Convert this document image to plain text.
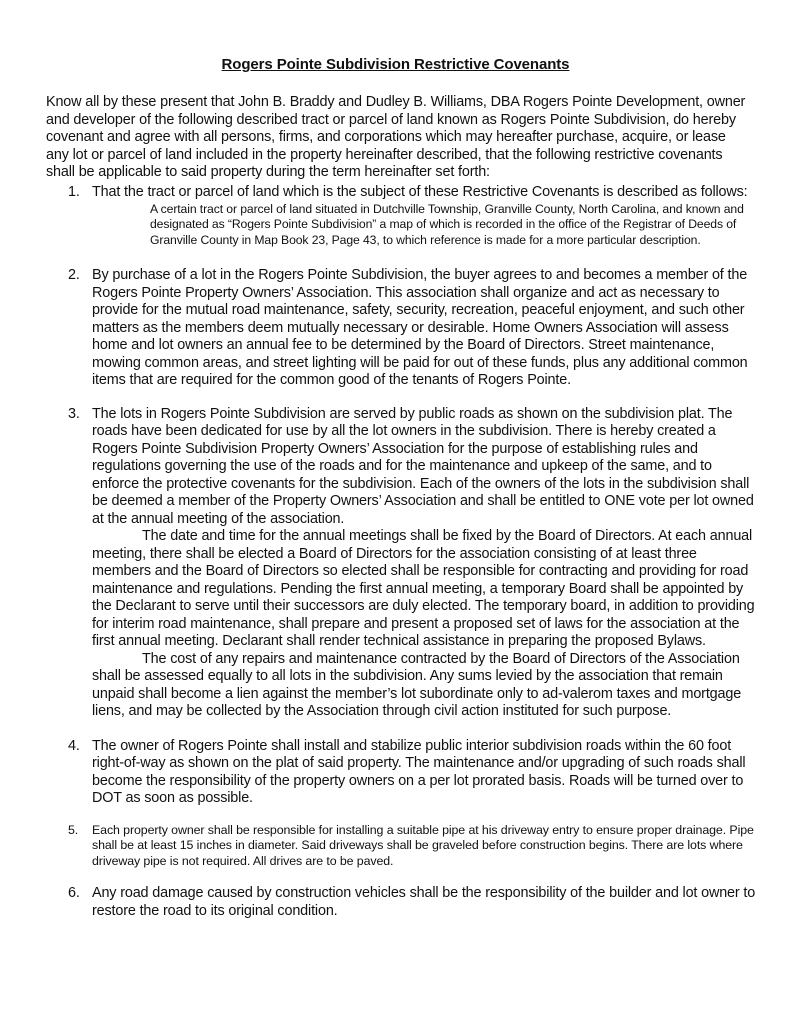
Rogers Pointe Subdivision Restrictive Covenants
Know all by these present that John B. Braddy and Dudley B. Williams, DBA Rogers Pointe Development, owner and developer of the following described tract or parcel of land known as Rogers Pointe Subdivision, do hereby covenant and agree with all persons, firms, and corporations which may hereafter purchase, acquire, or lease any lot or parcel of land included in the property hereinafter described, that the following restrictive covenants shall be applicable to said property during the term hereinafter set forth:
1. That the tract or parcel of land which is the subject of these Restrictive Covenants is described as follows:

A certain tract or parcel of land situated in Dutchville Township, Granville County, North Carolina, and known and designated as “Rogers Pointe Subdivision” a map of which is recorded in the office of the Registrar of Deeds of Granville County in Map Book 23, Page 43, to which reference is made for a more particular description.

2. By purchase of a lot in the Rogers Pointe Subdivision, the buyer agrees to and becomes a member of the Rogers Pointe Property Owners’ Association. This association shall organize and act as necessary to provide for the mutual road maintenance, safety, security, recreation, peaceful enjoyment, and such other matters as the members deem mutually necessary or desirable. Home Owners Association will assess home and lot owners an annual fee to be determined by the Board of Directors. Street maintenance, mowing common areas, and street lighting will be paid for out of these funds, plus any additional common items that are required for the common good of the tenants of Rogers Pointe.

3. The lots in Rogers Pointe Subdivision are served by public roads as shown on the subdivision plat. The roads have been dedicated for use by all the lot owners in the subdivision. There is hereby created a Rogers Pointe Subdivision Property Owners’ Association for the purpose of establishing rules and regulations governing the use of the roads and for the maintenance and upkeep of the same, and to enforce the protective covenants for the subdivision. Each of the owners of the lots in the subdivision shall be deemed a member of the Property Owners’ Association and shall be entitled to ONE vote per lot owned at the annual meeting of the association.

The date and time for the annual meetings shall be fixed by the Board of Directors. At each annual meeting, there shall be elected a Board of Directors for the association consisting of at least three members and the Board of Directors so elected shall be responsible for contracting and providing for road maintenance and regulations. Pending the first annual meeting, a temporary Board shall be appointed by the Declarant to serve until their successors are duly elected. The temporary board, in addition to providing for interim road maintenance, shall prepare and present a proposed set of laws for the association at the first annual meeting. Declarant shall render technical assistance in preparing the proposed Bylaws.

The cost of any repairs and maintenance contracted by the Board of Directors of the Association shall be assessed equally to all lots in the subdivision. Any sums levied by the association that remain unpaid shall become a lien against the member’s lot subordinate only to ad-valerom taxes and mortgage liens, and may be collected by the Association through civil action instituted for such purpose.

4. The owner of Rogers Pointe shall install and stabilize public interior subdivision roads within the 60 foot right-of-way as shown on the plat of said property. The maintenance and/or upgrading of such roads shall become the responsibility of the property owners on a per lot prorated basis. Roads will be turned over to DOT as soon as possible.

5. Each property owner shall be responsible for installing a suitable pipe at his driveway entry to ensure proper drainage. Pipe shall be at least 15 inches in diameter. Said driveways shall be graveled before construction begins. There are lots where driveway pipe is not required. All drives are to be paved.

6. Any road damage caused by construction vehicles shall be the responsibility of the builder and lot owner to restore the road to its original condition.
